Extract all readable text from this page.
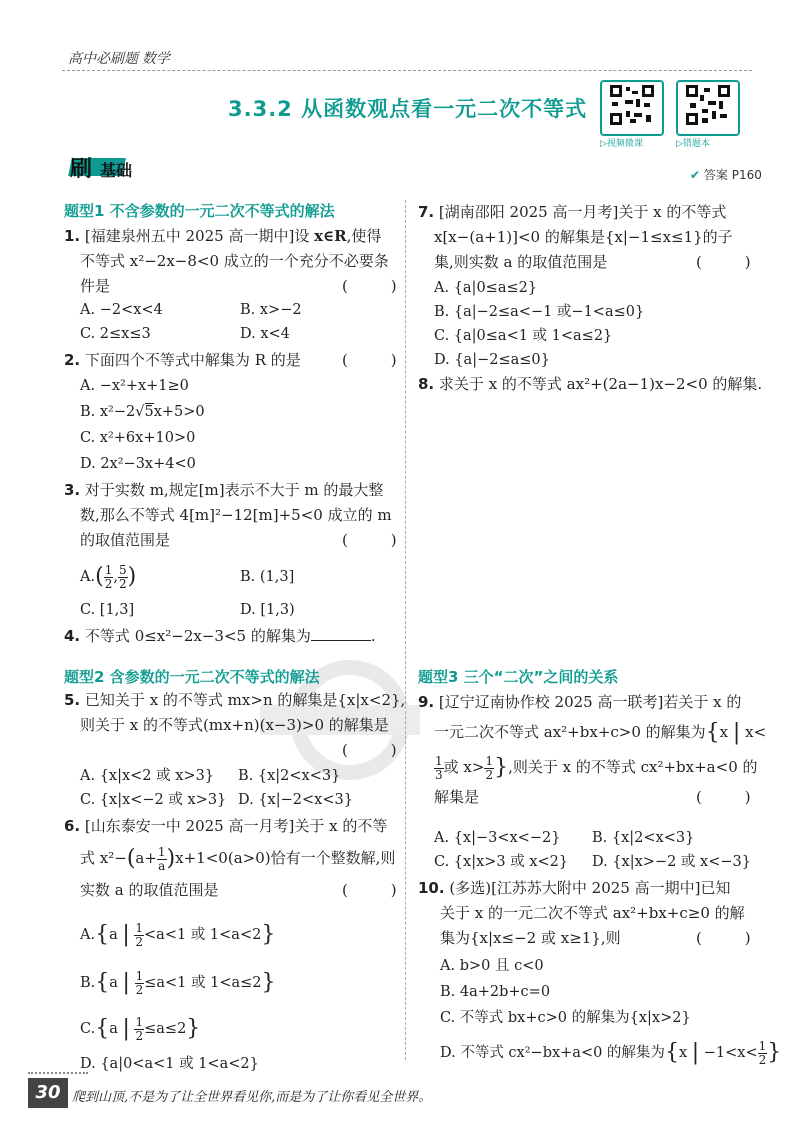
高中必刷题 数学
3.3.2 从函数观点看一元二次不等式
▷视频微课	▷错题本
刷 基础	✔ 答案 P160
题型1 不含参数的一元二次不等式的解法
1. [福建泉州五中 2025 高一期中]设 x∈R,使得
不等式 x²−2x−8<0 成立的一个充分不必要条
件是	(         )
A. −2<x<4	B. x>−2
C. 2≤x≤3	D. x<4
2. 下面四个不等式中解集为 R 的是	(         )
A. −x²+x+1≥0
B. x²−2√5x+5>0
C. x²+6x+10>0
D. 2x²−3x+4<0
3. 对于实数 m,规定[m]表示不大于 m 的最大整
数,那么不等式 4[m]²−12[m]+5<0 成立的 m
的取值范围是	(         )
$A.( \frac{1}{2}$ , $\frac{5}{2}$ )	B. (1,3]
C. [1,3]	D. [1,3)
4. 不等式 0≤x²−2x−3<5 的解集为	.
题型2 含参数的一元二次不等式的解法
5. 已知关于 x 的不等式 mx>n 的解集是{x|x<2},
则关于 x 的不等式(mx+n)(x−3)>0 的解集是
(         )
A. {x|x<2 或 x>3} B. {x|2<x<3}
C. {x|x<−2 或 x>3} D. {x|−2<x<3}
6. [山东泰安一中 2025 高一月考]关于 x 的不等
式 $x^2-(a+ \frac{1}{a} )x+1<0(a>0)$恰有一个整数解,则
实数 a 的取值范围是	(         )
A.{a | $\frac{1}{2} <a<1$ 或 1<a<2}
B.{a | $\frac{1}{2} \le a<1$ 或 1<a≤2}
C.{a | $\frac{1}{2} \le a\le 2$}
D. {a|0<a<1 或 1<a<2}
7. [湖南邵阳 2025 高一月考]关于 x 的不等式
x[x−(a+1)]<0 的解集是{x|−1≤x≤1}的子
集,则实数 a 的取值范围是	(         )
A. {a|0≤a≤2}
B. {a|−2≤a<−1 或−1<a≤0}
C. {a|0≤a<1 或 1<a≤2}
D. {a|−2≤a≤0}
8. 求关于 x 的不等式 ax²+(2a−1)x−2<0 的解集.
题型3 三个“二次”之间的关系
9. [辽宁辽南协作校 2025 高一联考]若关于 x 的
一元二次不等式 ax²+bx+c>0 的解集为{x | x<
$\frac{1}{3}$ 或 $x> \frac{1}{2}$ },则关于 x 的不等式 cx²+bx+a<0 的
解集是	(         )
A. {x|−3<x<−2} B. {x|2<x<3}
C. {x|x>3 或 x<2} D. {x|x>−2 或 x<−3}
10. (多选)[江苏苏大附中 2025 高一期中]已知
关于 x 的一元二次不等式 ax²+bx+c≥0 的解
集为{x|x≤−2 或 x≥1},则	(         )
A. b>0 且 c<0
B. 4a+2b+c=0
C. 不等式 bx+c>0 的解集为{x|x>2}
D. 不等式 cx²−bx+a<0 的解集为{x | $-1<x< \frac{1}{2}$ }
30 爬到山顶,不是为了让全世界看见你,而是为了让你看见全世界。
